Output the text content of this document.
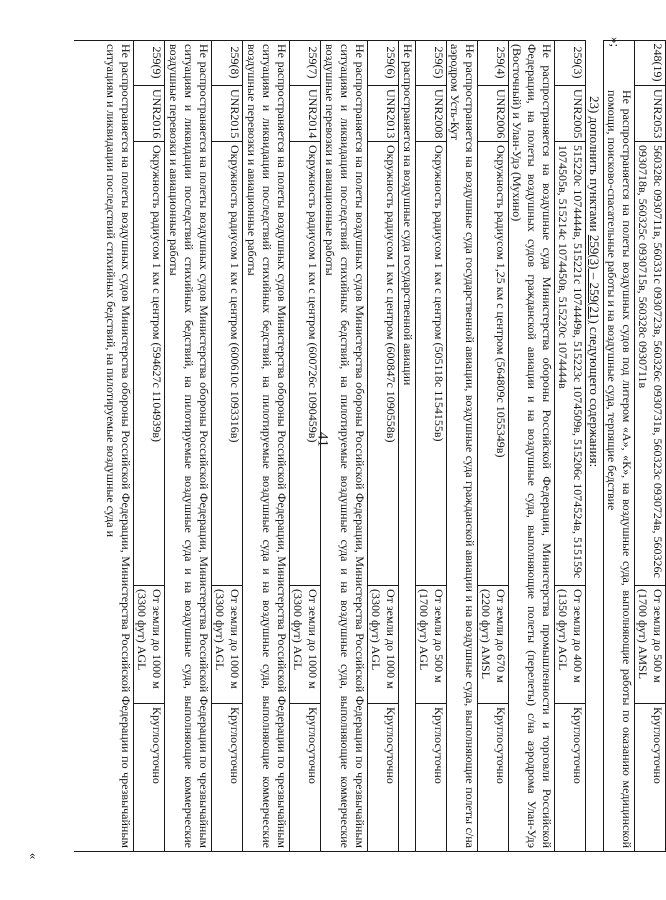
41
»;
«
248(19)
UNR2053
560328с 0930711в, 560331с 0930723в, 560326с 0930731в, 560323с 0930724в, 560326с 0930718в, 560325с 0930715в, 560328с 0930711в
От земли до 500 м (1700 фут) AMSL
Круглосуточно
Не распространяется на полеты воздушных судов под литером «А», «К», на воздушные суда, выполняющие работы по оказанию медицинской помощи, поисково-спасательные работы и на воздушные суда, терпящие бедствие
23) дополнить пунктами 259(3) – 259(21) следующего содержания:
259(3)
UNR2005
515220с 1074444в, 515221с 1074449в, 515223с 1074509в, 515206с 1074524в, 515159с 1074505в, 515214с 1074450в, 515220с 1074444в
От земли до 400 м (1350 фут) AGL
Круглосуточно
Не распространяется на воздушные суда Министерства обороны Российской Федерации, Министерства промышленности и торговли Российской Федерации, на полеты воздушных судов гражданской авиации и на воздушные суда, выполняющие полеты (перелеты) с/на аэродрома Улан-Удэ (Восточный) и Улан-Удэ (Мухино)
259(4)
UNR2006
Окружность радиусом 1,25 км с центром (564809с 1055349в)
От земли до 670 м (2200 фут) AMSL
Круглосуточно
Не распространяется на воздушные суда государственной авиации, воздушные суда гражданской авиации и на воздушные суда, выполняющие полеты с/на аэродром Усть-Кут
259(5)
UNR2008
Окружность радиусом 1 км с центром (505118с 1154155в)
От земли до 500 м (1700 фут) AGL
Круглосуточно
Не распространяется на воздушные суда государственной авиации
259(6)
UNR2013
Окружность радиусом 1 км с центром (600847с 1090558в)
От земли до 1000 м (3300 фут) AGL
Круглосуточно
Не распространяется на полеты воздушных судов Министерства обороны Российской Федерации, Министерства Российской Федерации по чрезвычайным ситуациям и ликвидации последствий стихийных бедствий, на пилотируемые воздушные суда и на воздушные суда, выполняющие коммерческие воздушные перевозки и авиационные работы
259(7)
UNR2014
Окружность радиусом 1 км с центром (600726с 1090459в)
От земли до 1000 м (3300 фут) AGL
Круглосуточно
Не распространяется на полеты воздушных судов Министерства обороны Российской Федерации, Министерства Российской Федерации по чрезвычайным ситуациям и ликвидации последствий стихийных бедствий, на пилотируемые воздушные суда и на воздушные суда, выполняющие коммерческие воздушные перевозки и авиационные работы
259(8)
UNR2015
Окружность радиусом 1 км с центром (600610с 1093316в)
От земли до 1000 м (3300 фут) AGL
Круглосуточно
Не распространяется на полеты воздушных судов Министерства обороны Российской Федерации, Министерства Российской Федерации по чрезвычайным ситуациям и ликвидации последствий стихийных бедствий, на пилотируемые воздушные суда и на воздушные суда, выполняющие коммерческие воздушные перевозки и авиационные работы
259(9)
UNR2016
Окружность радиусом 1 км с центром (594627с 1104939в)
От земли до 1000 м (3300 фут) AGL
Круглосуточно
Не распространяется на полеты воздушных судов Министерства обороны Российской Федерации, Министерства Российской Федерации по чрезвычайным ситуациям и ликвидации последствий стихийных бедствий, на пилотируемые воздушные суда и
